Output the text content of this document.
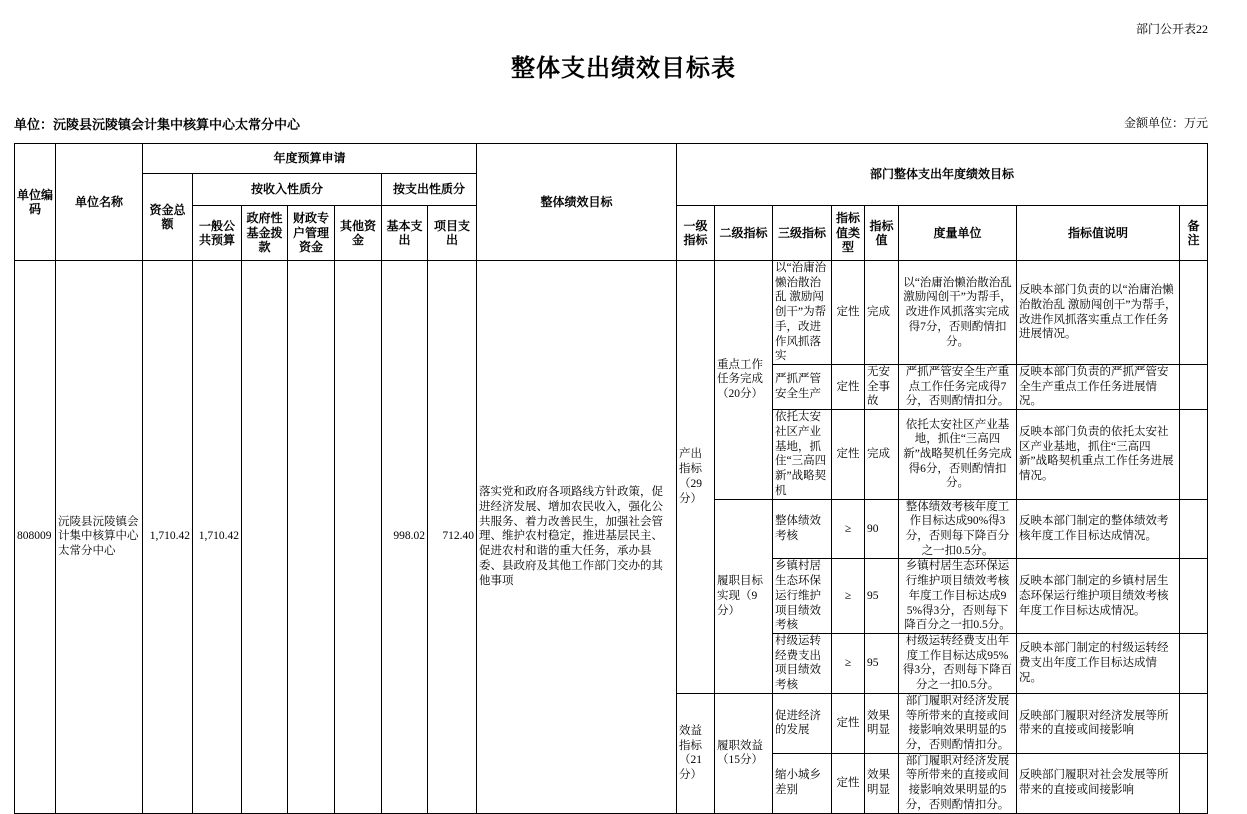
部门公开表22
整体支出绩效目标表
单位：沅陵县沅陵镇会计集中核算中心太常分中心	金额单位：万元
单位编码	单位名称	年度预算申请							整体绩效目标	部门整体支出年度绩效目标							
		资金总额	按收入性质分				按支出性质分										
			一般公共预算	政府性基金拨款	财政专户管理资金	其他资金	基本支出	项目支出		一级指标	二级指标	三级指标	指标值类型	指标值	度量单位	指标值说明	备注
808009	沅陵县沅陵镇会计集中核算中心太常分中心	1,710.42	1,710.42				998.02	712.40	落实党和政府各项路线方针政策，促进经济发展、增加农民收入，强化公共服务、着力改善民生，加强社会管理、维护农村稳定，推进基层民主、促进农村和谐的重大任务，承办县委、县政府及其他工作部门交办的其他事项	产出指标（29分）	重点工作任务完成（20分）	以“治庸治懒治散治乱 激励闯创干”为帮手，改进作风抓落实	定性	完成	以“治庸治懒治散治乱 激励闯创干”为帮手，改进作风抓落实完成得7分，否则酌情扣分。	反映本部门负责的以“治庸治懒治散治乱 激励闯创干”为帮手，改进作风抓落实重点工作任务进展情况。

严抓严管安全生产	定性	无安全事故	严抓严管安全生产重点工作任务完成得7分，否则酌情扣分。	反映本部门负责的严抓严管安全生产重点工作任务进展情况。

依托太安社区产业基地，抓住“三高四新”战略契机	定性	完成	依托太安社区产业基地，抓住“三高四新”战略契机任务完成得6分，否则酌情扣分。	反映本部门负责的依托太安社区产业基地，抓住“三高四新”战略契机重点工作任务进展情况。

											履职目标实现（9分）	整体绩效考核	≥	90	整体绩效考核年度工作目标达成90%得3分，否则每下降百分之一扣0.5分。	反映本部门制定的整体绩效考核年度工作目标达成情况。

乡镇村居生态环保运行维护项目绩效考核	≥	95	乡镇村居生态环保运行维护项目绩效考核年度工作目标达成95%得3分，否则每下降百分之一扣0.5分。	反映本部门制定的乡镇村居生态环保运行维护项目绩效考核年度工作目标达成情况。

村级运转经费支出项目绩效考核	≥	95	村级运转经费支出年度工作目标达成95%得3分，否则每下降百分之一扣0.5分。	反映本部门制定的村级运转经费支出年度工作目标达成情况。

										效益指标（21分）	履职效益（15分）	促进经济的发展	定性	效果明显	部门履职对经济发展等所带来的直接或间接影响效果明显的5分，否则酌情扣分。	反映部门履职对经济发展等所带来的直接或间接影响

缩小城乡差别	定性	效果明显	部门履职对经济发展等所带来的直接或间接影响效果明显的5分，否则酌情扣分。	反映部门履职对社会发展等所带来的直接或间接影响
